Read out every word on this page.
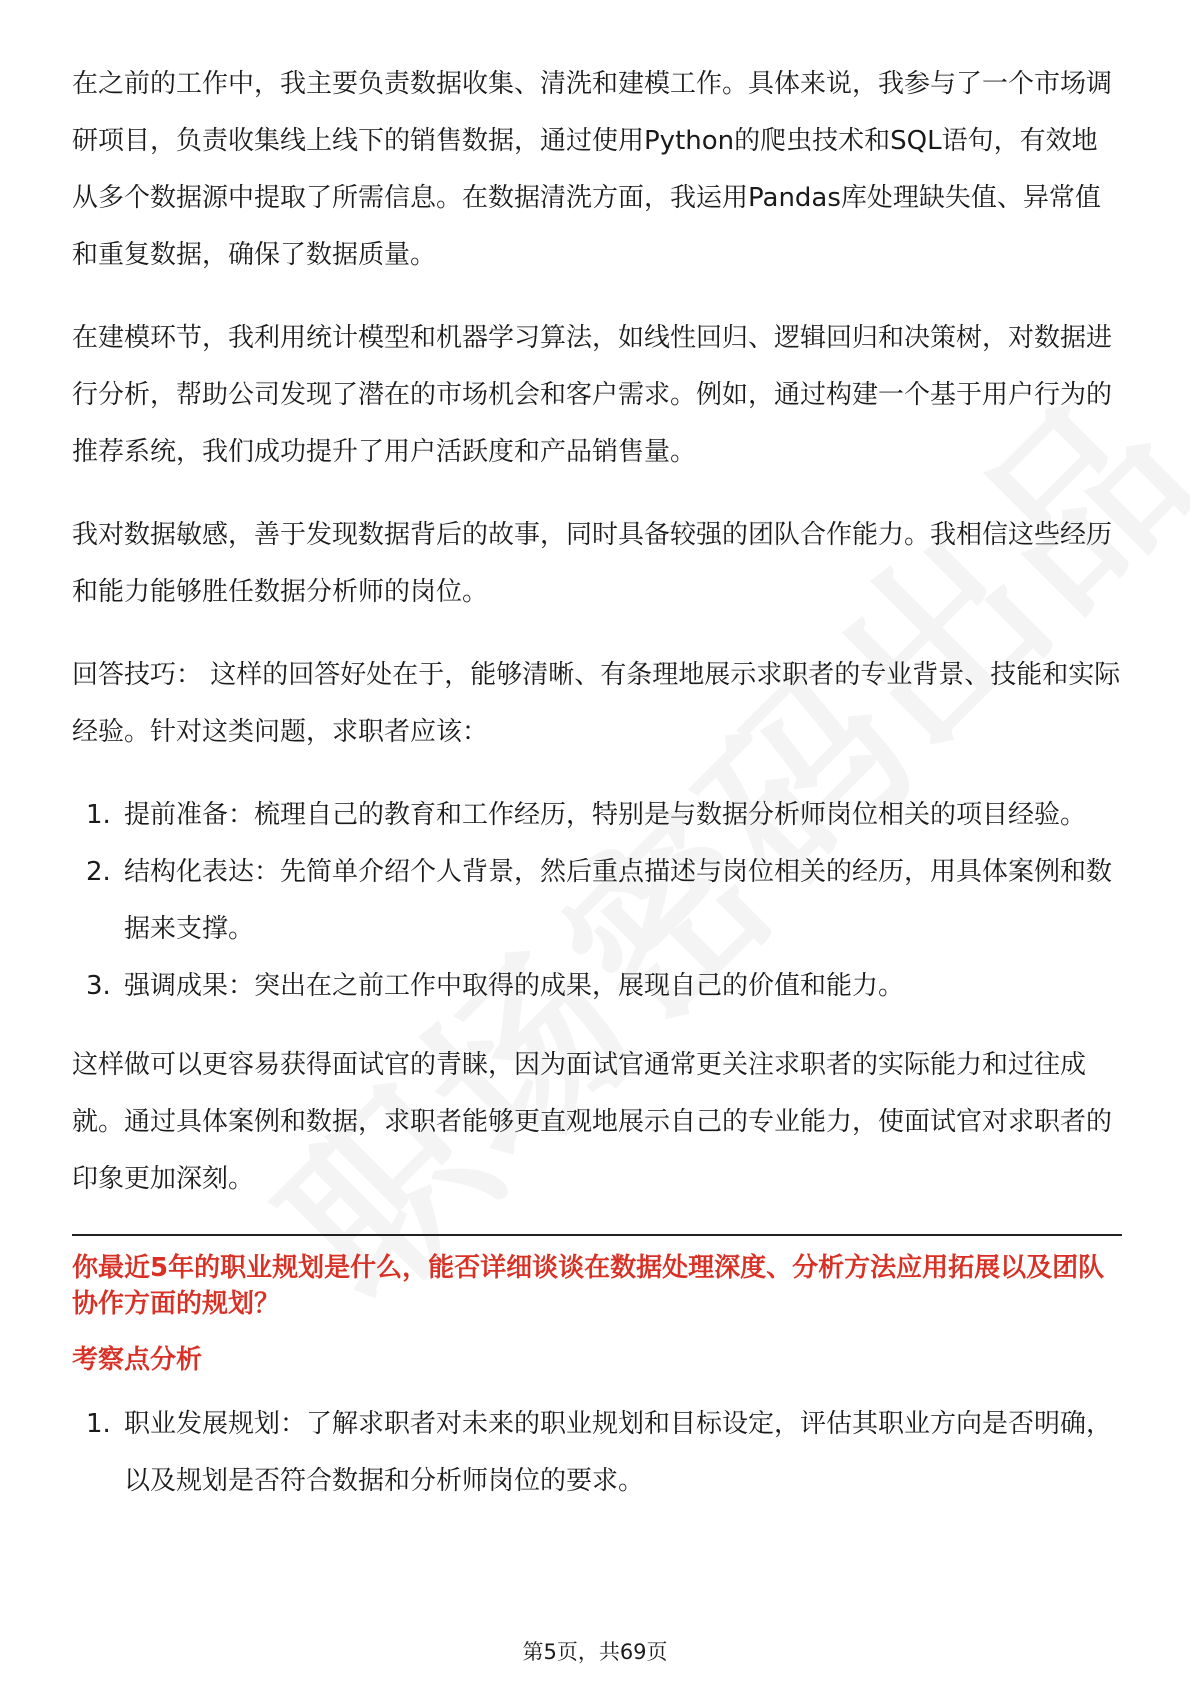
在之前的工作中，我主要负责数据收集、清洗和建模工作。具体来说，我参与了一个市场调研项目，负责收集线上线下的销售数据，通过使用Python的爬虫技术和SQL语句，有效地从多个数据源中提取了所需信息。在数据清洗方面，我运用Pandas库处理缺失值、异常值和重复数据，确保了数据质量。

在建模环节，我利用统计模型和机器学习算法，如线性回归、逻辑回归和决策树，对数据进行分析，帮助公司发现了潜在的市场机会和客户需求。例如，通过构建一个基于用户行为的推荐系统，我们成功提升了用户活跃度和产品销售量。

我对数据敏感，善于发现数据背后的故事，同时具备较强的团队合作能力。我相信这些经历和能力能够胜任数据分析师的岗位。

回答技巧： 这样的回答好处在于，能够清晰、有条理地展示求职者的专业背景、技能和实际经验。针对这类问题，求职者应该：

1. 提前准备：梳理自己的教育和工作经历，特别是与数据分析师岗位相关的项目经验。
2. 结构化表达：先简单介绍个人背景，然后重点描述与岗位相关的经历，用具体案例和数据来支撑。
3. 强调成果：突出在之前工作中取得的成果，展现自己的价值和能力。

这样做可以更容易获得面试官的青睐，因为面试官通常更关注求职者的实际能力和过往成就。通过具体案例和数据，求职者能够更直观地展示自己的专业能力，使面试官对求职者的印象更加深刻。

你最近5年的职业规划是什么，能否详细谈谈在数据处理深度、分析方法应用拓展以及团队协作方面的规划？

考察点分析

1. 职业发展规划：了解求职者对未来的职业规划和目标设定，评估其职业方向是否明确，以及规划是否符合数据和分析师岗位的要求。
第5页，共69页
